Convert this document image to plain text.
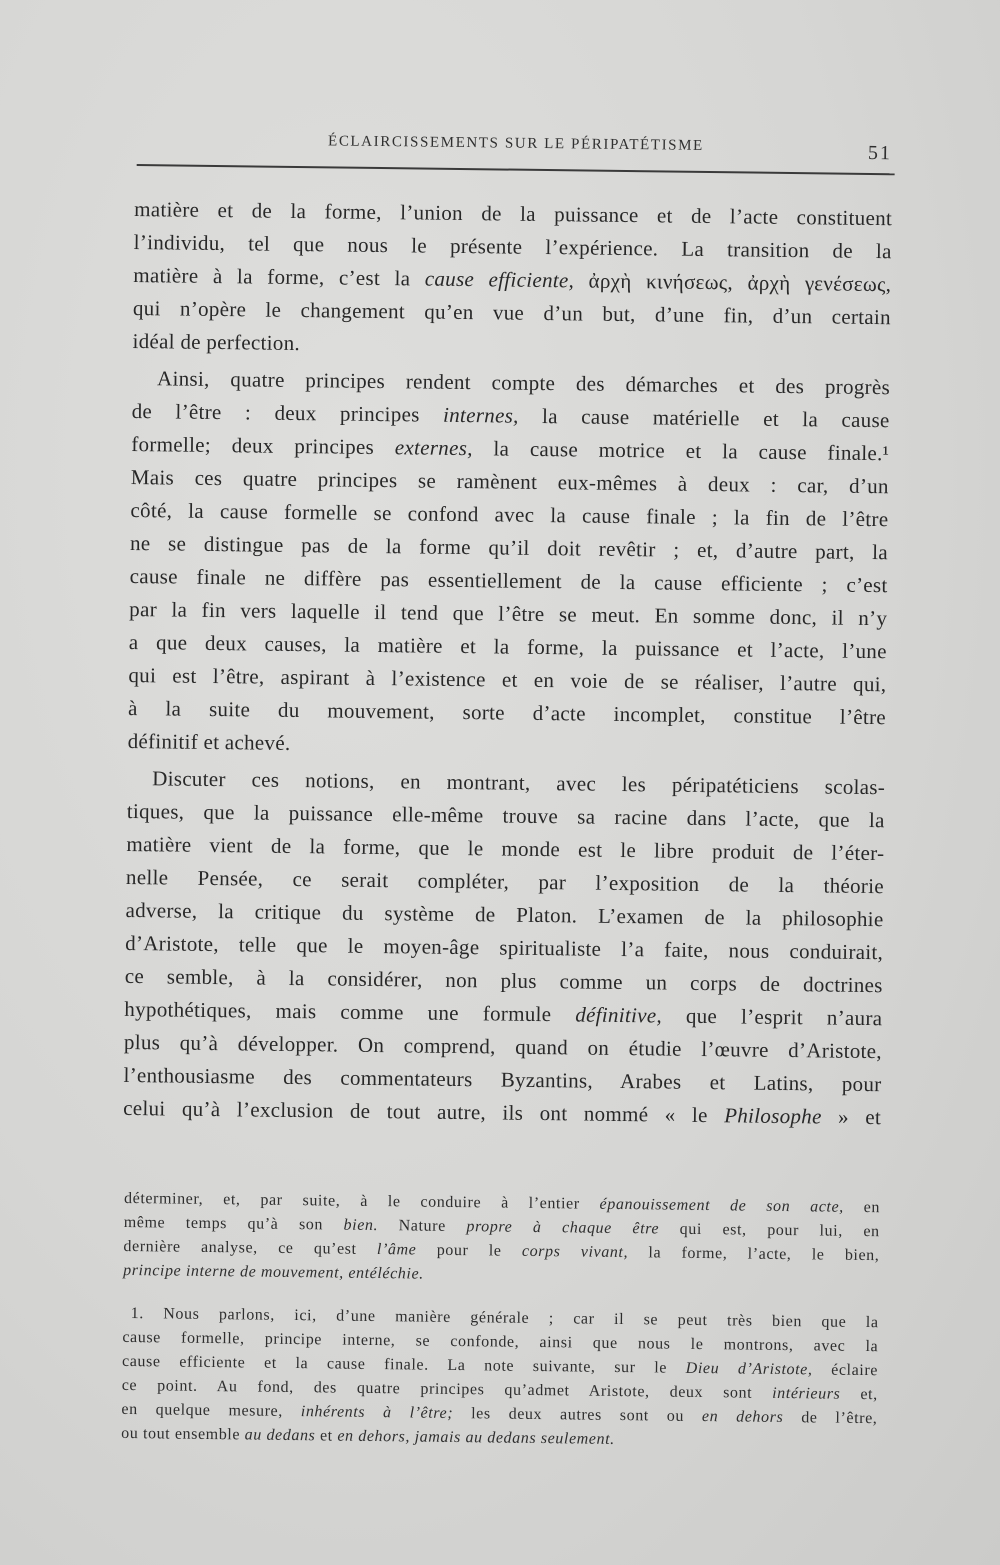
ÉCLAIRCISSEMENTS SUR LE PÉRIPATÉTISME	51
matière et de la forme, l’union de la puissance et de l’acte constituent
l’individu, tel que nous le présente l’expérience. La transition de la
matière à la forme, c’est la cause efficiente, ἀρχὴ κινήσεως, ἀρχὴ γενέσεως,
qui n’opère le changement qu’en vue d’un but, d’une fin, d’un certain
idéal de perfection.
Ainsi, quatre principes rendent compte des démarches et des progrès
de l’être : deux principes internes, la cause matérielle et la cause
formelle; deux principes externes, la cause motrice et la cause finale.¹
Mais ces quatre principes se ramènent eux-mêmes à deux : car, d’un
côté, la cause formelle se confond avec la cause finale ; la fin de l’être
ne se distingue pas de la forme qu’il doit revêtir ; et, d’autre part, la
cause finale ne diffère pas essentiellement de la cause efficiente ; c’est
par la fin vers laquelle il tend que l’être se meut. En somme donc, il n’y
a que deux causes, la matière et la forme, la puissance et l’acte, l’une
qui est l’être, aspirant à l’existence et en voie de se réaliser, l’autre qui,
à la suite du mouvement, sorte d’acte incomplet, constitue l’être
définitif et achevé.
Discuter ces notions, en montrant, avec les péripatéticiens scolas-
tiques, que la puissance elle-même trouve sa racine dans l’acte, que la
matière vient de la forme, que le monde est le libre produit de l’éter-
nelle Pensée, ce serait compléter, par l’exposition de la théorie
adverse, la critique du système de Platon. L’examen de la philosophie
d’Aristote, telle que le moyen-âge spiritualiste l’a faite, nous conduirait,
ce semble, à la considérer, non plus comme un corps de doctrines
hypothétiques, mais comme une formule définitive, que l’esprit n’aura
plus qu’à développer. On comprend, quand on étudie l’œuvre d’Aristote,
l’enthousiasme des commentateurs Byzantins, Arabes et Latins, pour
celui qu’à l’exclusion de tout autre, ils ont nommé « le Philosophe » et
déterminer, et, par suite, à le conduire à l’entier épanouissement de son acte, en
même temps qu’à son bien. Nature propre à chaque être qui est, pour lui, en
dernière analyse, ce qu’est l’âme pour le corps vivant, la forme, l’acte, le bien,
principe interne de mouvement, entéléchie.
1. Nous parlons, ici, d’une manière générale ; car il se peut très bien que la
cause formelle, principe interne, se confonde, ainsi que nous le montrons, avec la
cause efficiente et la cause finale. La note suivante, sur le Dieu d’Aristote, éclaire
ce point. Au fond, des quatre principes qu’admet Aristote, deux sont intérieurs et,
en quelque mesure, inhérents à l’être; les deux autres sont ou en dehors de l’être,
ou tout ensemble au dedans et en dehors, jamais au dedans seulement.
